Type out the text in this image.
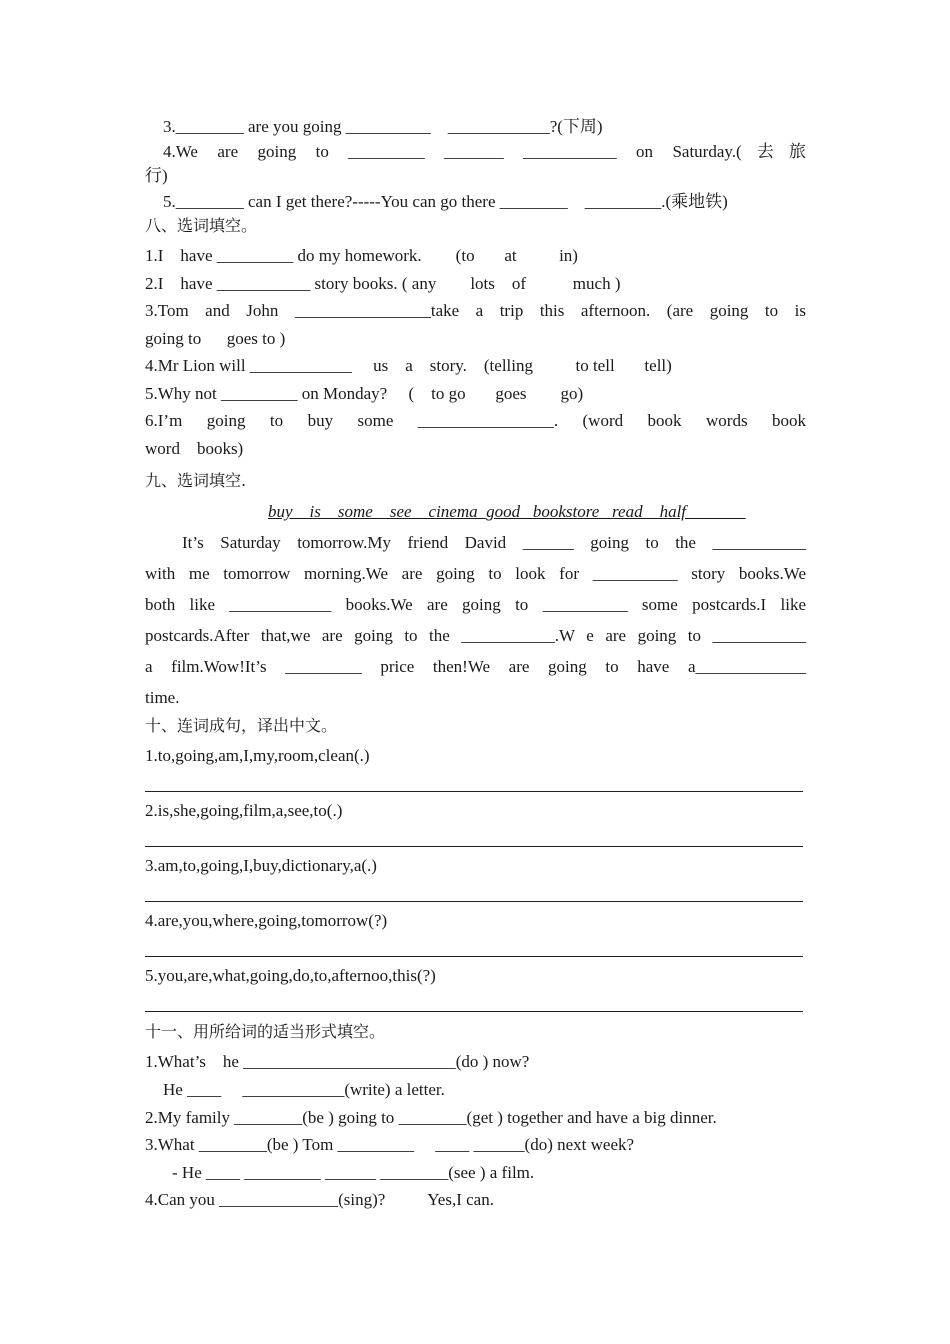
3.________ are you going __________    ____________?(下周)
4.We are going to _________ _______ ___________ on Saturday.(去旅
行)
5.________ can I get there?-----You can go there ________    _________.(乘地铁)
八、选词填空。
1.I    have _________ do my homework.        (to       at          in)
2.I    have ___________ story books. ( any        lots    of           much )
3.Tom and John ________________take a trip this afternoon. (are going to is
going to      goes to )
4.Mr Lion will ____________     us    a    story.    (telling          to tell       tell)
5.Why not _________ on Monday?     (    to go       goes        go)
6.I’m going to buy some ________________. (word book words book
word    books)
九、选词填空.
buy    is    some    see    cinema_good _bookstore _read__half_______
It’s Saturday tomorrow.My friend David ______ going to the ___________
with me tomorrow morning.We are going to look for __________ story books.We
both like ____________ books.We are going to __________ some postcards.I like
postcards.After that,we are going to the ___________.W e are going to ___________
a film.Wow!It’s _________ price then!We are going to have a_____________
time.
十、连词成句，译出中文。
1.to,going,am,I,my,room,clean(.)
2.is,she,going,film,a,see,to(.)
3.am,to,going,I,buy,dictionary,a(.)
4.are,you,where,going,tomorrow(?)
5.you,are,what,going,do,to,afternoo,this(?)
十一、用所给词的适当形式填空。
1.What’s    he _________________________(do ) now?
He ____     ____________(write) a letter.
2.My family ________(be ) going to ________(get ) together and have a big dinner.
3.What ________(be ) Tom _________     ____ ______(do) next week?
- He ____ _________ ______ ________(see ) a film.
4.Can you ______________(sing)?          Yes,I can.
